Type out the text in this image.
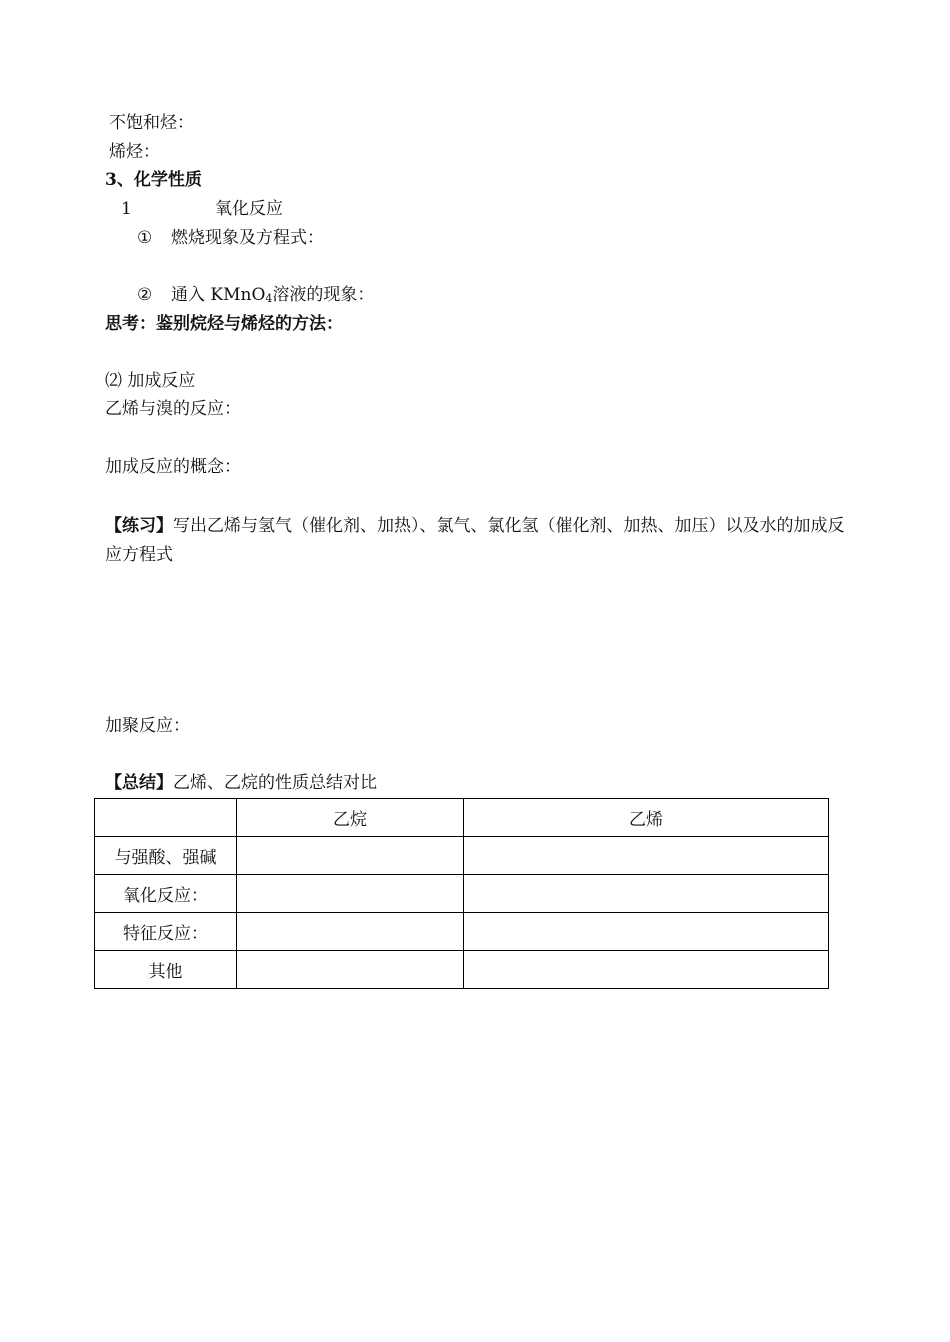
不饱和烃：
烯烃：
3、化学性质
1	氧化反应
① 燃烧现象及方程式：
② 通入 KMnO$_4$溶液的现象：
思考：鉴别烷烃与烯烃的方法：
⑵ 加成反应
乙烯与溴的反应：
加成反应的概念：
【练习】写出乙烯与氢气（催化剂、加热）、氯气、氯化氢（催化剂、加热、加压）以及水的加成反应方程式
加聚反应：
【总结】乙烯、乙烷的性质总结对比
	乙烷	乙烯
与强酸、强碱		
氧化反应：		
特征反应：		
其他		
